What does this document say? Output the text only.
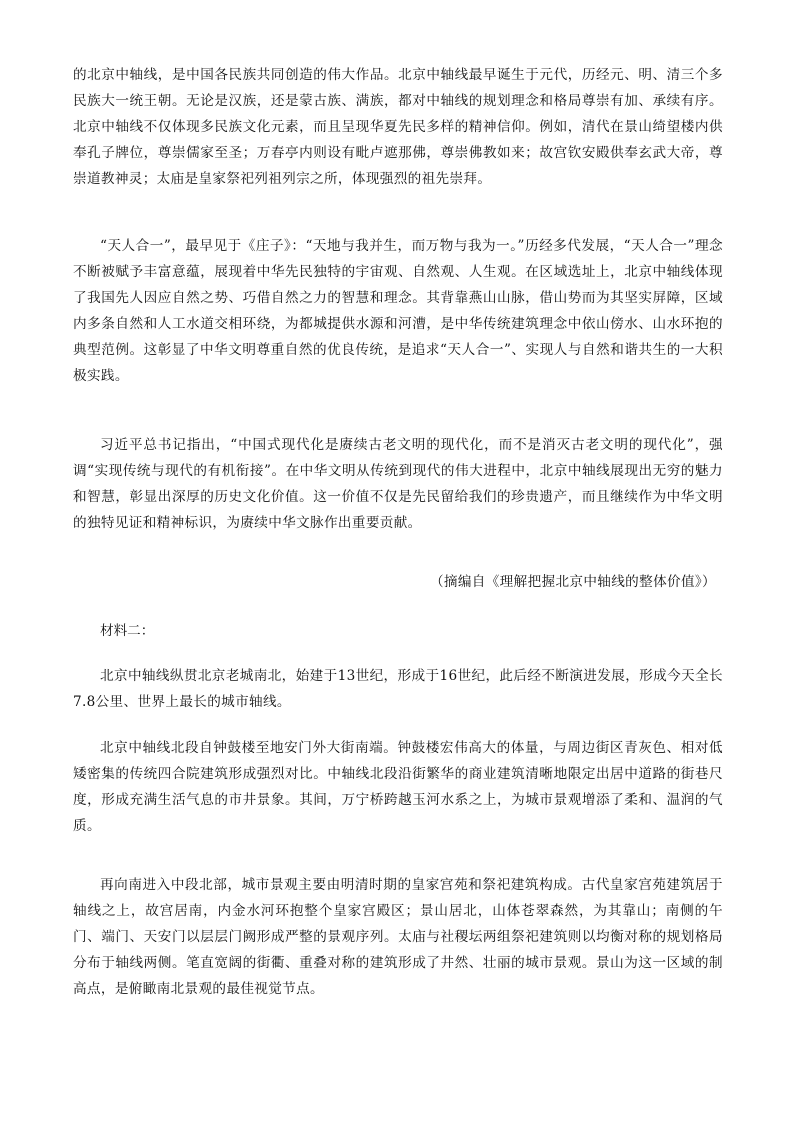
的北京中轴线，是中国各民族共同创造的伟大作品。北京中轴线最早诞生于元代，历经元、明、清三个多民族大一统王朝。无论是汉族，还是蒙古族、满族，都对中轴线的规划理念和格局尊崇有加、承续有序。北京中轴线不仅体现多民族文化元素，而且呈现华夏先民多样的精神信仰。例如，清代在景山绮望楼内供奉孔子牌位，尊崇儒家至圣；万春亭内则设有毗卢遮那佛，尊崇佛教如来；故宫钦安殿供奉玄武大帝，尊崇道教神灵；太庙是皇家祭祀列祖列宗之所，体现强烈的祖先崇拜。

“天人合一”，最早见于《庄子》：“天地与我并生，而万物与我为一。”历经多代发展，“天人合一”理念不断被赋予丰富意蕴，展现着中华先民独特的宇宙观、自然观、人生观。在区域选址上，北京中轴线体现了我国先人因应自然之势、巧借自然之力的智慧和理念。其背靠燕山山脉，借山势而为其坚实屏障，区域内多条自然和人工水道交相环绕，为都城提供水源和河漕，是中华传统建筑理念中依山傍水、山水环抱的典型范例。这彰显了中华文明尊重自然的优良传统，是追求“天人合一”、实现人与自然和谐共生的一大积极实践。

习近平总书记指出，“中国式现代化是赓续古老文明的现代化，而不是消灭古老文明的现代化”，强调“实现传统与现代的有机衔接”。在中华文明从传统到现代的伟大进程中，北京中轴线展现出无穷的魅力和智慧，彰显出深厚的历史文化价值。这一价值不仅是先民留给我们的珍贵遗产，而且继续作为中华文明的独特见证和精神标识，为赓续中华文脉作出重要贡献。

（摘编自《理解把握北京中轴线的整体价值》）

材料二：

北京中轴线纵贯北京老城南北，始建于13世纪，形成于16世纪，此后经不断演进发展，形成今天全长7.8公里、世界上最长的城市轴线。

北京中轴线北段自钟鼓楼至地安门外大街南端。钟鼓楼宏伟高大的体量，与周边街区青灰色、相对低矮密集的传统四合院建筑形成强烈对比。中轴线北段沿街繁华的商业建筑清晰地限定出居中道路的街巷尺度，形成充满生活气息的市井景象。其间，万宁桥跨越玉河水系之上，为城市景观增添了柔和、温润的气质。

再向南进入中段北部，城市景观主要由明清时期的皇家宫苑和祭祀建筑构成。古代皇家宫苑建筑居于轴线之上，故宫居南，内金水河环抱整个皇家宫殿区；景山居北，山体苍翠森然，为其靠山；南侧的午门、端门、天安门以层层门阙形成严整的景观序列。太庙与社稷坛两组祭祀建筑则以均衡对称的规划格局分布于轴线两侧。笔直宽阔的街衢、重叠对称的建筑形成了井然、壮丽的城市景观。景山为这一区域的制高点，是俯瞰南北景观的最佳视觉节点。
